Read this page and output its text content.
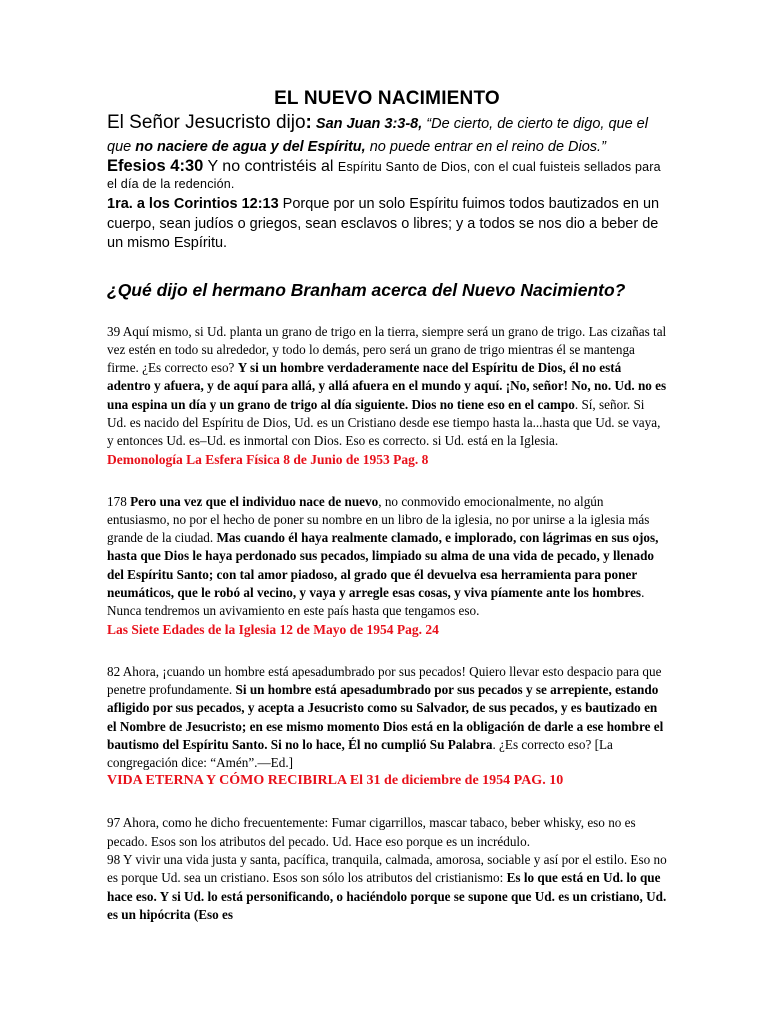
EL NUEVO NACIMIENTO

El Señor Jesucristo dijo: San Juan 3:3-8, “De cierto, de cierto te digo, que el que no naciere de agua y del Espíritu, no puede entrar en el reino de Dios.”

Efesios 4:30 Y no contristéis al Espíritu Santo de Dios, con el cual fuisteis sellados para el día de la redención.

1ra. a los Corintios 12:13 Porque por un solo Espíritu fuimos todos bautizados en un cuerpo, sean judíos o griegos, sean esclavos o libres; y a todos se nos dio a beber de un mismo Espíritu.

¿Qué dijo el hermano Branham acerca del Nuevo Nacimiento?

39 Aquí mismo, si Ud. planta un grano de trigo en la tierra, siempre será un grano de trigo. Las cizañas tal vez estén en todo su alrededor, y todo lo demás, pero será un grano de trigo mientras él se mantenga firme. ¿Es correcto eso? Y si un hombre verdaderamente nace del Espíritu de Dios, él no está adentro y afuera, y de aquí para allá, y allá afuera en el mundo y aquí. ¡No, señor! No, no. Ud. no es una espina un día y un grano de trigo al día siguiente. Dios no tiene eso en el campo. Sí, señor. Si Ud. es nacido del Espíritu de Dios, Ud. es un Cristiano desde ese tiempo hasta la...hasta que Ud. se vaya, y entonces Ud. es–Ud. es inmortal con Dios. Eso es correcto. si Ud. está en la Iglesia.

Demonología La Esfera Física 8 de Junio de 1953 Pag. 8

178 Pero una vez que el individuo nace de nuevo, no conmovido emocionalmente, no algún entusiasmo, no por el hecho de poner su nombre en un libro de la iglesia, no por unirse a la iglesia más grande de la ciudad. Mas cuando él haya realmente clamado, e implorado, con lágrimas en sus ojos, hasta que Dios le haya perdonado sus pecados, limpiado su alma de una vida de pecado, y llenado del Espíritu Santo; con tal amor piadoso, al grado que él devuelva esa herramienta para poner neumáticos, que le robó al vecino, y vaya y arregle esas cosas, y viva píamente ante los hombres. Nunca tendremos un avivamiento en este país hasta que tengamos eso.

Las Siete Edades de la Iglesia 12 de Mayo de 1954 Pag. 24

82 Ahora, ¡cuando un hombre está apesadumbrado por sus pecados! Quiero llevar esto despacio para que penetre profundamente. Si un hombre está apesadumbrado por sus pecados y se arrepiente, estando afligido por sus pecados, y acepta a Jesucristo como su Salvador, de sus pecados, y es bautizado en el Nombre de Jesucristo; en ese mismo momento Dios está en la obligación de darle a ese hombre el bautismo del Espíritu Santo. Si no lo hace, Él no cumplió Su Palabra. ¿Es correcto eso? [La congregación dice: “Amén”.—Ed.]

VIDA ETERNA Y CÓMO RECIBIRLA El 31 de diciembre de 1954 PAG. 10

97 Ahora, como he dicho frecuentemente: Fumar cigarrillos, mascar tabaco, beber whisky, eso no es pecado. Esos son los atributos del pecado. Ud. Hace eso porque es un incrédulo.

98 Y vivir una vida justa y santa, pacífica, tranquila, calmada, amorosa, sociable y así por el estilo. Eso no es porque Ud. sea un cristiano. Esos son sólo los atributos del cristianismo: Es lo que está en Ud. lo que hace eso. Y si Ud. lo está personificando, o haciéndolo porque se supone que Ud. es un cristiano, Ud. es un hipócrita (Eso es
